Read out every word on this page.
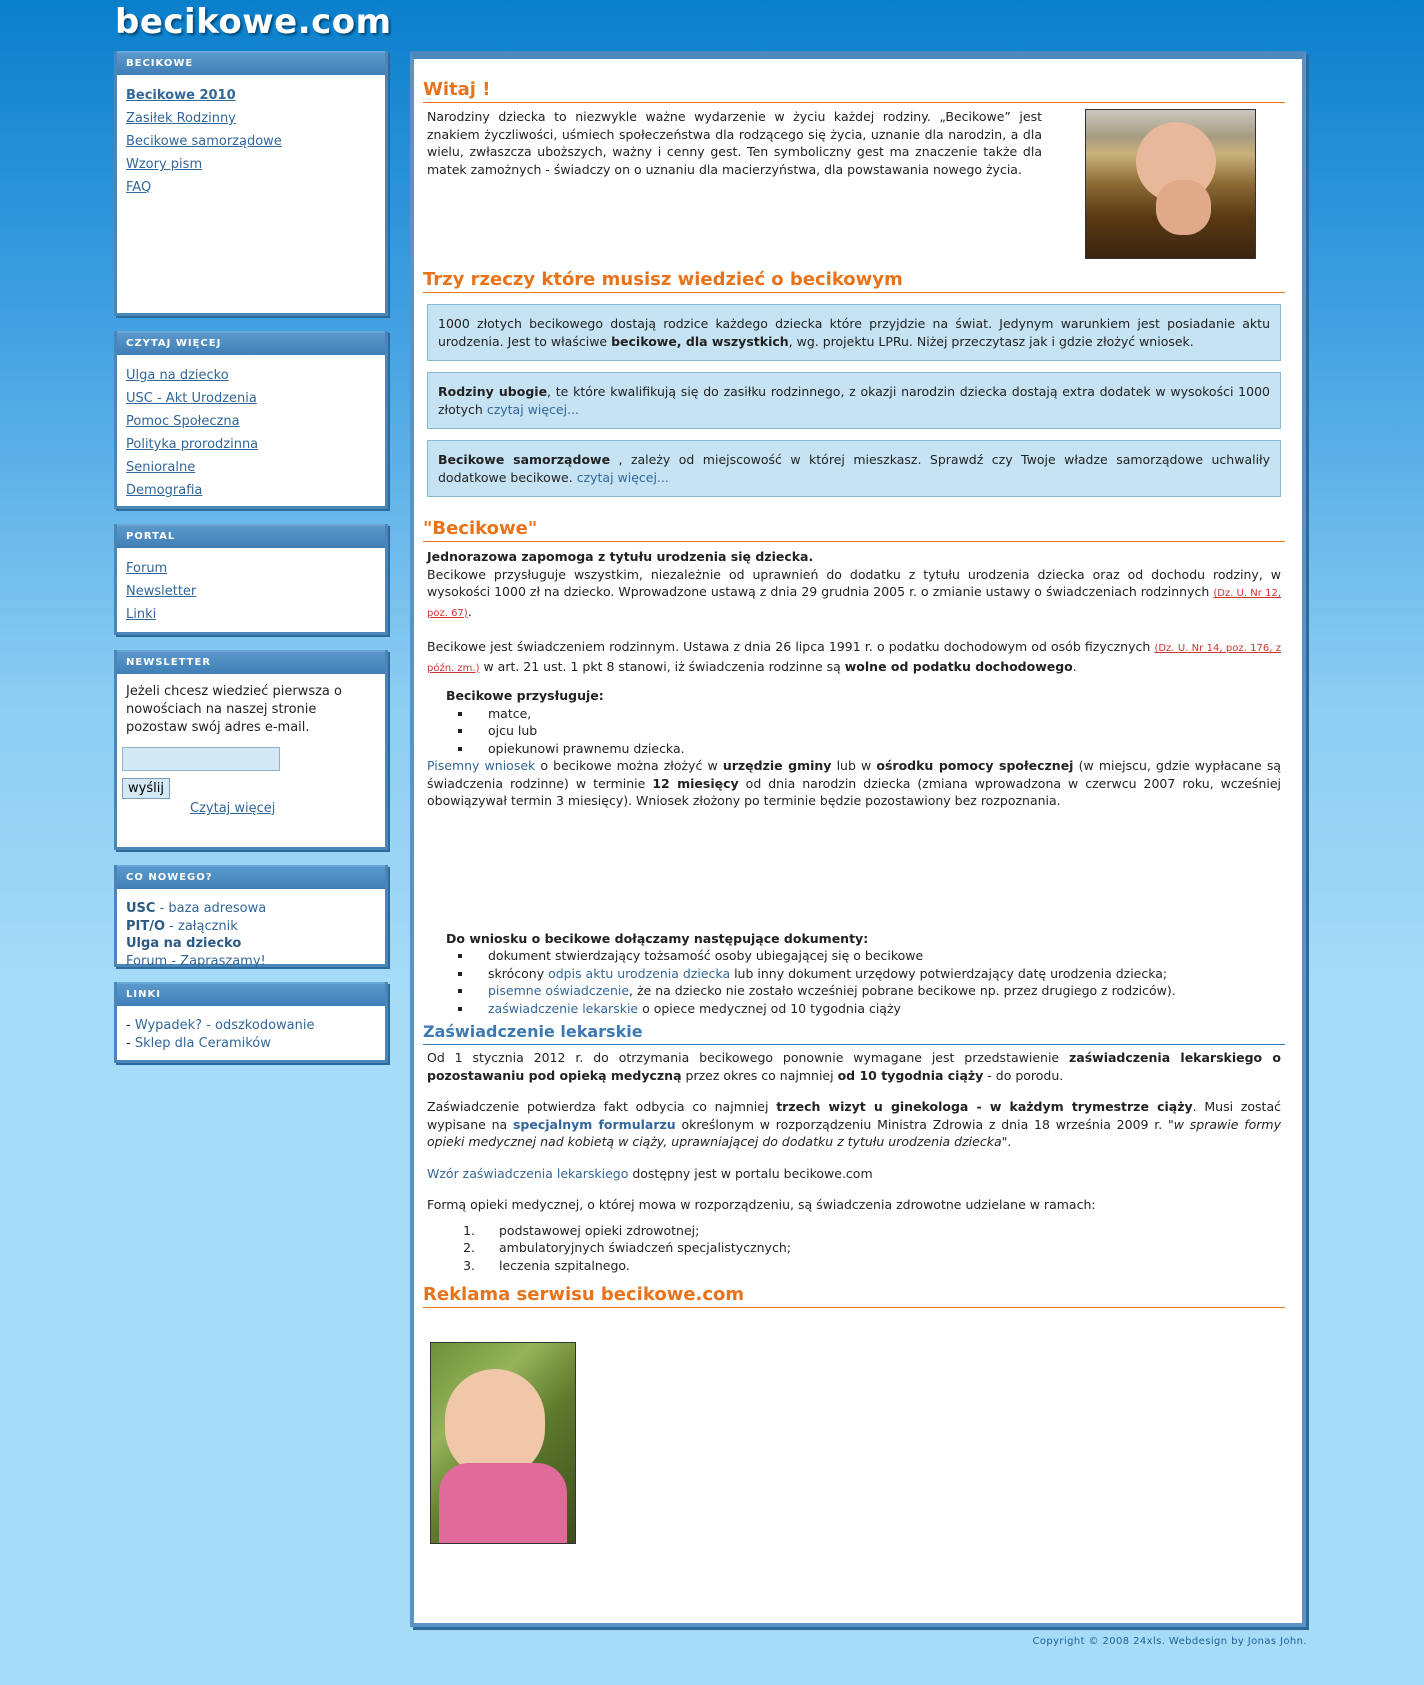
becikowe.com
BECIKOWE
Becikowe 2010
Zasiłek Rodzinny
Becikowe samorządowe
Wzory pism
FAQ
CZYTAJ WIĘCEJ
Ulga na dziecko
USC - Akt Urodzenia
Pomoc Społeczna
Polityka prorodzinna
Senioralne
Demografia
PORTAL
Forum
Newsletter
Linki
NEWSLETTER
Jeżeli chcesz wiedzieć pierwsza o nowościach na naszej stronie pozostaw swój adres e-mail.
wyślij
Czytaj więcej
CO NOWEGO?
USC - baza adresowa
PIT/O - załącznik
Ulga na dziecko
Forum - Zapraszamy!
LINKI
- Wypadek? - odszkodowanie
- Sklep dla Ceramików
Witaj !

Narodziny dziecka to niezwykle ważne wydarzenie w życiu każdej rodziny. „Becikowe” jest znakiem życzliwości, uśmiech społeczeństwa dla rodzącego się życia, uznanie dla narodzin, a dla wielu, zwłaszcza uboższych, ważny i cenny gest. Ten symboliczny gest ma znaczenie także dla matek zamożnych - świadczy on o uznaniu dla macierzyństwa, dla powstawania nowego życia.

Trzy rzeczy które musisz wiedzieć o becikowym
1000 złotych becikowego dostają rodzice każdego dziecka które przyjdzie na świat. Jedynym warunkiem jest posiadanie aktu urodzenia. Jest to właściwe becikowe, dla wszystkich, wg. projektu LPRu. Niżej przeczytasz jak i gdzie złożyć wniosek.
Rodziny ubogie, te które kwalifikują się do zasiłku rodzinnego, z okazji narodzin dziecka dostają extra dodatek w wysokości 1000 złotych czytaj więcej...
Becikowe samorządowe , zależy od miejscowość w której mieszkasz. Sprawdź czy Twoje władze samorządowe uchwaliły dodatkowe becikowe. czytaj więcej...
"Becikowe"

Jednorazowa zapomoga z tytułu urodzenia się dziecka.

Becikowe przysługuje wszystkim, niezależnie od uprawnień do dodatku z tytułu urodzenia dziecka oraz od dochodu rodziny, w wysokości 1000 zł na dziecko. Wprowadzone ustawą z dnia 29 grudnia 2005 r. o zmianie ustawy o świadczeniach rodzinnych (Dz. U. Nr 12, poz. 67).

Becikowe jest świadczeniem rodzinnym. Ustawa z dnia 26 lipca 1991 r. o podatku dochodowym od osób fizycznych (Dz. U. Nr 14, poz. 176, z późn. zm.) w art. 21 ust. 1 pkt 8 stanowi, iż świadczenia rodzinne są wolne od podatku dochodowego.

Becikowe przysługuje:
▪ matce,
▪ ojcu lub
▪ opiekunowi prawnemu dziecka.

Pisemny wniosek o becikowe można złożyć w urzędzie gminy lub w ośrodku pomocy społecznej (w miejscu, gdzie wypłacane są świadczenia rodzinne) w terminie 12 miesięcy od dnia narodzin dziecka (zmiana wprowadzona w czerwcu 2007 roku, wcześniej obowiązywał termin 3 miesięcy). Wniosek złożony po terminie będzie pozostawiony bez rozpoznania.

Do wniosku o becikowe dołączamy następujące dokumenty:
▪ dokument stwierdzający tożsamość osoby ubiegającej się o becikowe
▪ skrócony odpis aktu urodzenia dziecka lub inny dokument urzędowy potwierdzający datę urodzenia dziecka;
▪ pisemne oświadczenie, że na dziecko nie zostało wcześniej pobrane becikowe np. przez drugiego z rodziców).
▪ zaświadczenie lekarskie o opiece medycznej od 10 tygodnia ciąży
Zaświadczenie lekarskie

Od 1 stycznia 2012 r. do otrzymania becikowego ponownie wymagane jest przedstawienie zaświadczenia lekarskiego o pozostawaniu pod opieką medyczną przez okres co najmniej od 10 tygodnia ciąży - do porodu.

Zaświadczenie potwierdza fakt odbycia co najmniej trzech wizyt u ginekologa - w każdym trymestrze ciąży. Musi zostać wypisane na specjalnym formularzu określonym w rozporządzeniu Ministra Zdrowia z dnia 18 września 2009 r. "w sprawie formy opieki medycznej nad kobietą w ciąży, uprawniającej do dodatku z tytułu urodzenia dziecka".

Wzór zaświadczenia lekarskiego dostępny jest w portalu becikowe.com

Formą opieki medycznej, o której mowa w rozporządzeniu, są świadczenia zdrowotne udzielane w ramach:

1. podstawowej opieki zdrowotnej;
2. ambulatoryjnych świadczeń specjalistycznych;
3. leczenia szpitalnego.
Reklama serwisu becikowe.com
Copyright © 2008 24xls. Webdesign by Jonas John.
